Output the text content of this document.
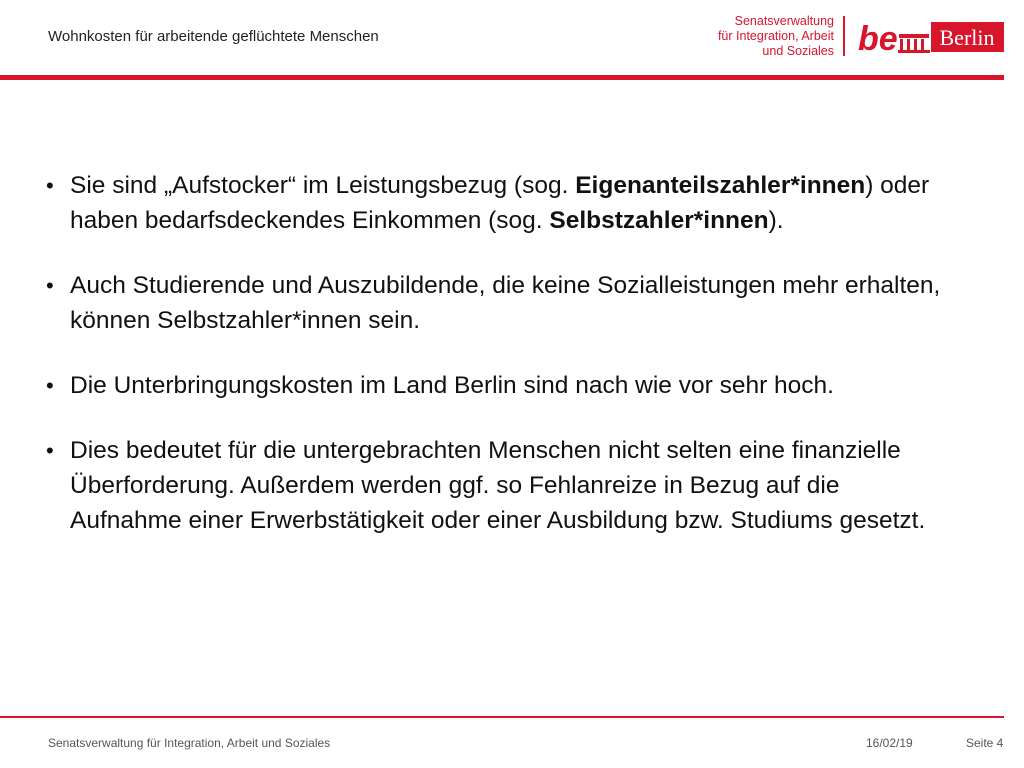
Wohnkosten für arbeitende geflüchtete Menschen
Senatsverwaltung
für Integration, Arbeit
und Soziales be Berlin
• Sie sind „Aufstocker“ im Leistungsbezug (sog. Eigenanteilszahler*innen) oder haben bedarfsdeckendes Einkommen (sog. Selbstzahler*innen).
• Auch Studierende und Auszubildende, die keine Sozialleistungen mehr erhalten, können Selbstzahler*innen sein.
• Die Unterbringungskosten im Land Berlin sind nach wie vor sehr hoch.
• Dies bedeutet für die untergebrachten Menschen nicht selten eine finanzielle Überforderung. Außerdem werden ggf. so Fehlanreize in Bezug auf die Aufnahme einer Erwerbstätigkeit oder einer Ausbildung bzw. Studiums gesetzt.
Senatsverwaltung für Integration, Arbeit und Soziales	16/02/19	Seite 4
